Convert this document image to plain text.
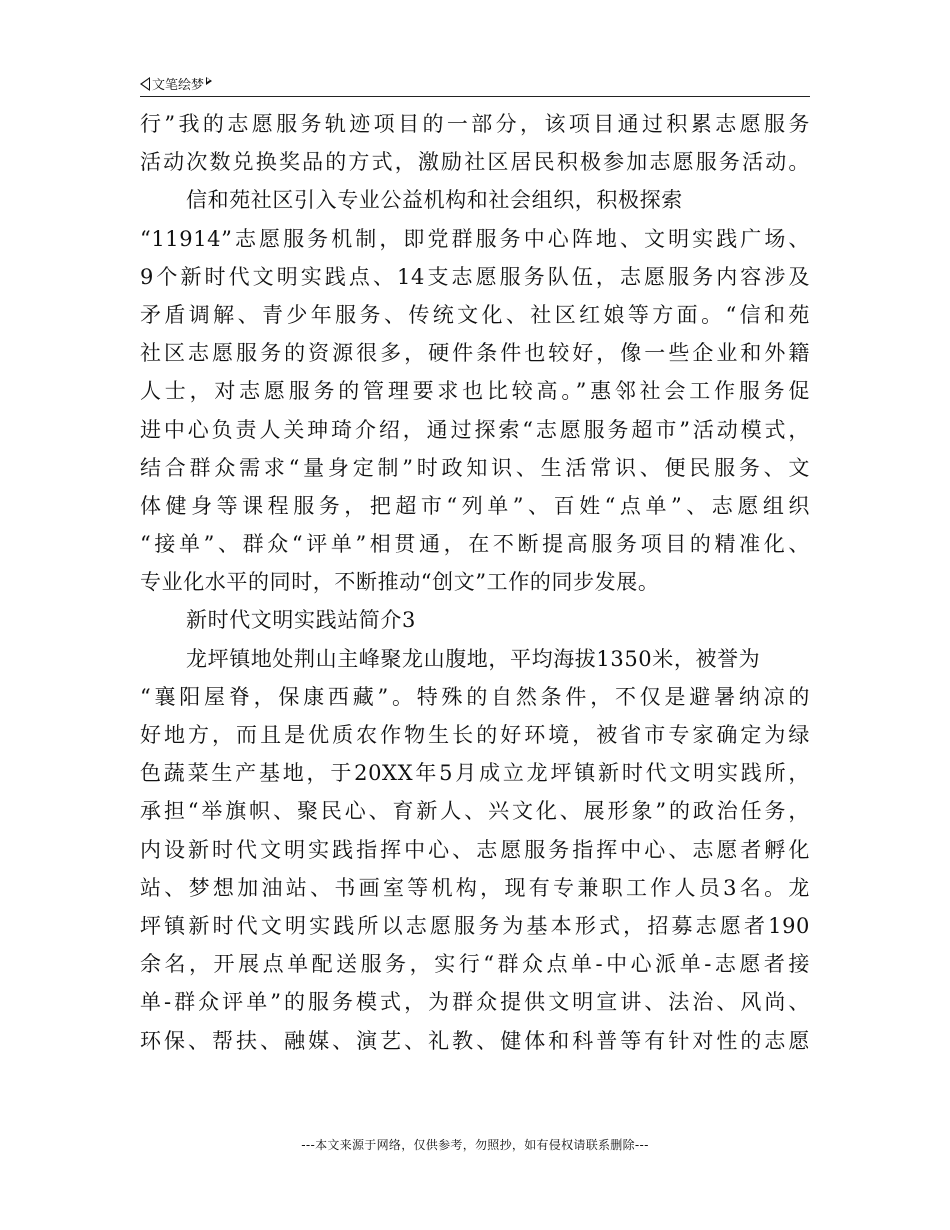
文笔绘梦
行”我的志愿服务轨迹项目的一部分，该项目通过积累志愿服务
活动次数兑换奖品的方式，激励社区居民积极参加志愿服务活动。
信和苑社区引入专业公益机构和社会组织，积极探索
“11914”志愿服务机制，即党群服务中心阵地、文明实践广场、
9个新时代文明实践点、14支志愿服务队伍，志愿服务内容涉及
矛盾调解、青少年服务、传统文化、社区红娘等方面。“信和苑
社区志愿服务的资源很多，硬件条件也较好，像一些企业和外籍
人士，对志愿服务的管理要求也比较高。”惠邻社会工作服务促
进中心负责人关珅琦介绍，通过探索“志愿服务超市”活动模式，
结合群众需求“量身定制”时政知识、生活常识、便民服务、文
体健身等课程服务，把超市“列单”、百姓“点单”、志愿组织
“接单”、群众“评单”相贯通，在不断提高服务项目的精准化、
专业化水平的同时，不断推动“创文”工作的同步发展。
新时代文明实践站简介3
龙坪镇地处荆山主峰聚龙山腹地，平均海拔1350米，被誉为
“襄阳屋脊，保康西藏”。特殊的自然条件，不仅是避暑纳凉的
好地方，而且是优质农作物生长的好环境，被省市专家确定为绿
色蔬菜生产基地，于20XX年5月成立龙坪镇新时代文明实践所，
承担“举旗帜、聚民心、育新人、兴文化、展形象”的政治任务，
内设新时代文明实践指挥中心、志愿服务指挥中心、志愿者孵化
站、梦想加油站、书画室等机构，现有专兼职工作人员3名。龙
坪镇新时代文明实践所以志愿服务为基本形式，招募志愿者190
余名，开展点单配送服务，实行“群众点单-中心派单-志愿者接
单-群众评单”的服务模式，为群众提供文明宣讲、法治、风尚、
环保、帮扶、融媒、演艺、礼教、健体和科普等有针对性的志愿
---本文来源于网络，仅供参考，勿照抄，如有侵权请联系删除---
